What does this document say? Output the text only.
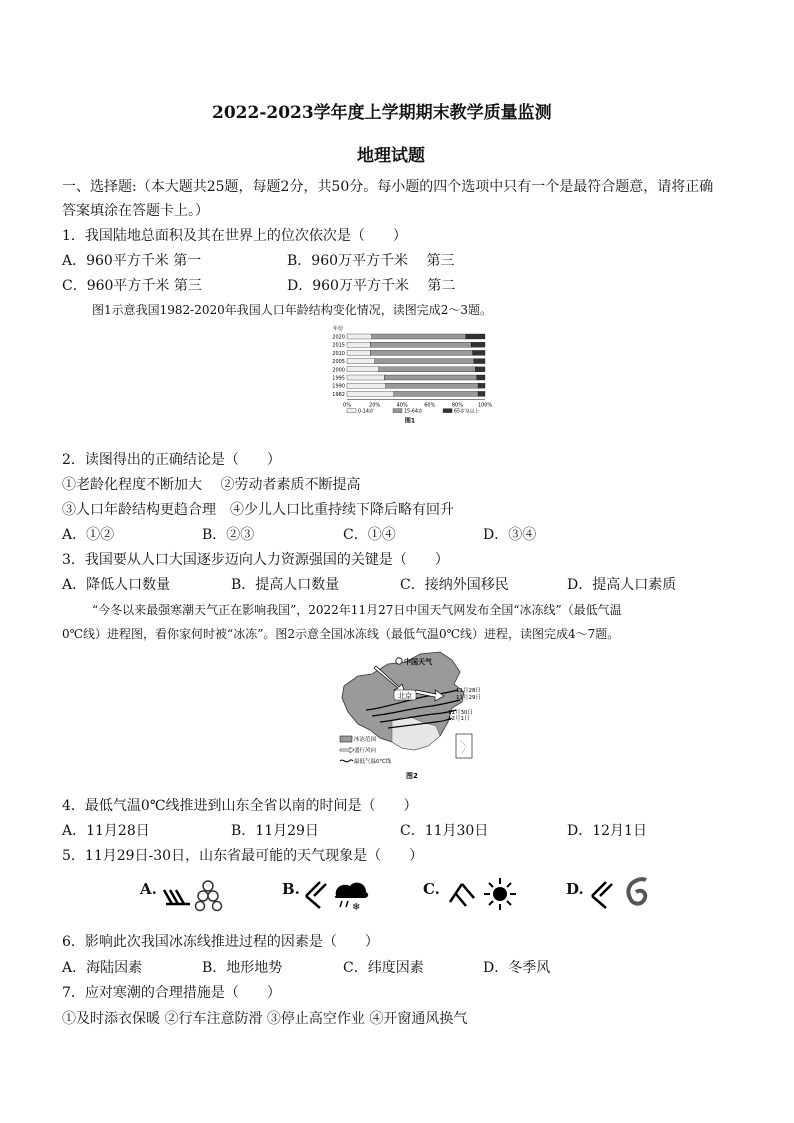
2022-2023学年度上学期期末教学质量监测
地理试题
一、选择题:（本大题共25题，每题2分，共50分。每小题的四个选项中只有一个是最符合题意，请将正确
答案填涂在答题卡上。）
1．我国陆地总面积及其在世界上的位次依次是（　　）
A．960平方千米 第一	B．960万平方千米　 第三
C．960平方千米 第三	D．960万平方千米　 第二
图1示意我国1982-2020年我国人口年龄结构变化情况，读图完成2～3题。
年份
2020
2015
2010
2005
2000
1995
1990
1982
0%	20%	40%	60%	80%	100%
0-14岁	15-64岁	65岁及以上
图1
2．读图得出的正确结论是（　　）
①老龄化程度不断加大　 ②劳动者素质不断提高
③人口年龄结构更趋合理　④少儿人口比重持续下降后略有回升
A．①②	B．②③	C．①④	D．③④
3．我国要从人口大国逐步迈向人力资源强国的关键是（　　）
A．降低人口数量	B．提高人口数量	C．接纳外国移民	D．提高人口素质
“今冬以来最强寒潮天气正在影响我国”，2022年11月27日中国天气网发布全国“冰冻线”（最低气温
0℃线）进程图，看你家何时被“冰冻”。图2示意全国冰冻线（最低气温0℃线）进程，读图完成4～7题。
北京
中国天气
11月28日
11月29日
11月30日
12月1日
冰冻范围
盛行风向
最低气温0℃线
图2
4．最低气温0℃线推进到山东全省以南的时间是（　　）
A．11月28日	B．11月29日	C．11月30日	D．12月1日
5．11月29日-30日，山东省最可能的天气现象是（　　）
A.	B.
❄
C.	D.
6．影响此次我国冰冻线推进过程的因素是（　　）
A．海陆因素	B．地形地势	C．纬度因素	D．冬季风
7．应对寒潮的合理措施是（　　）
①及时添衣保暖 ②行车注意防滑 ③停止高空作业 ④开窗通风换气
